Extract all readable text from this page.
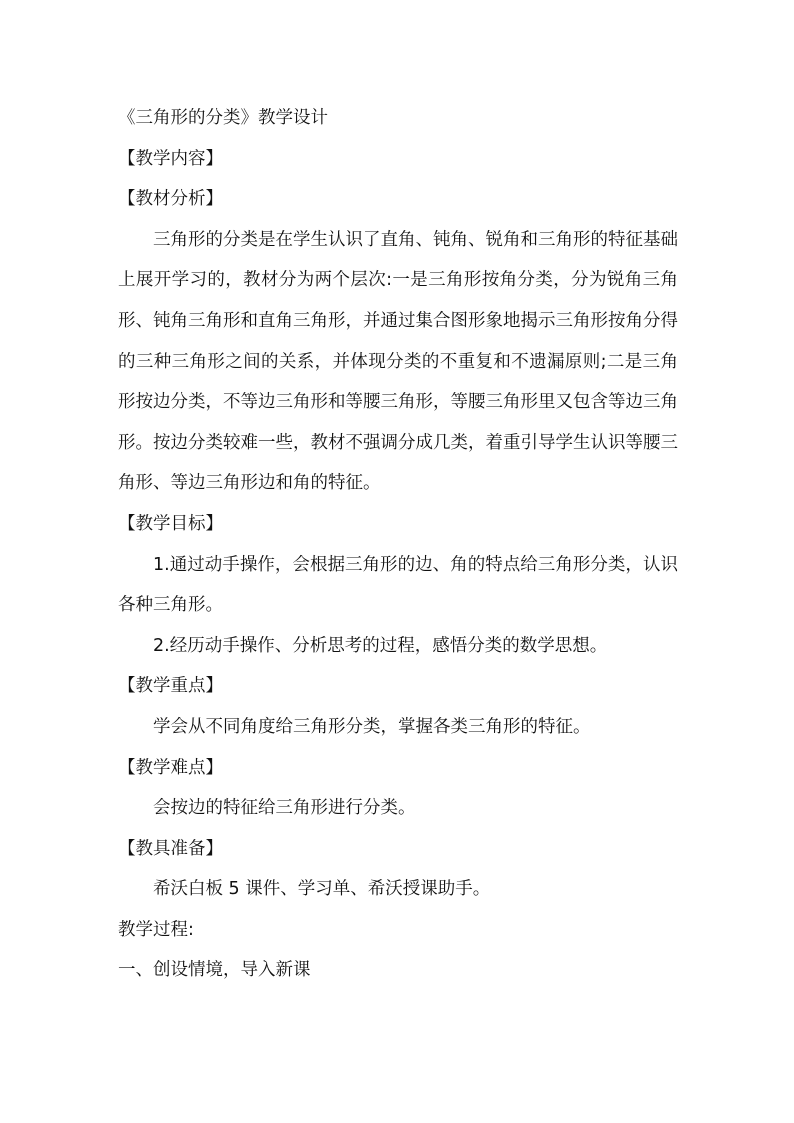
《三角形的分类》教学设计

【教学内容】

【教材分析】

三角形的分类是在学生认识了直角、钝角、锐角和三角形的特征基础上展开学习的，教材分为两个层次:一是三角形按角分类，分为锐角三角形、钝角三角形和直角三角形，并通过集合图形象地揭示三角形按角分得的三种三角形之间的关系，并体现分类的不重复和不遗漏原则;二是三角形按边分类，不等边三角形和等腰三角形，等腰三角形里又包含等边三角形。按边分类较难一些，教材不强调分成几类，着重引导学生认识等腰三角形、等边三角形边和角的特征。

【教学目标】

1.通过动手操作，会根据三角形的边、角的特点给三角形分类，认识各种三角形。

2.经历动手操作、分析思考的过程，感悟分类的数学思想。

【教学重点】

学会从不同角度给三角形分类，掌握各类三角形的特征。

【教学难点】

会按边的特征给三角形进行分类。

【教具准备】

希沃白板 5 课件、学习单、希沃授课助手。

教学过程:

一、创设情境，导入新课
